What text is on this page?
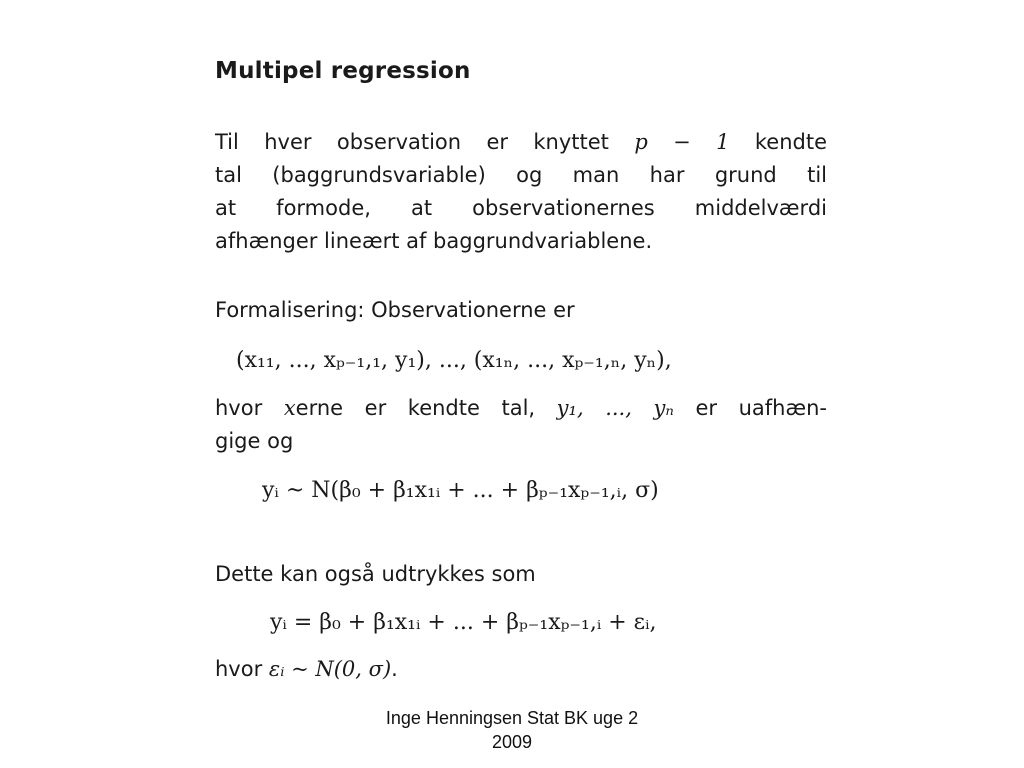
Multipel regression

Til hver observation er knyttet p − 1 kendte
tal (baggrundsvariable) og man har grund til
at formode, at observationernes middelværdi
afhænger lineært af baggrundvariablene.

Formalisering: Observationerne er

(x₁₁, ..., xₚ₋₁,₁, y₁), ..., (x₁ₙ, ..., xₚ₋₁,ₙ, yₙ),

hvor xerne er kendte tal, y₁, ..., yₙ er uafhæn-
gige og

yᵢ ~ N(β₀ + β₁x₁ᵢ + ... + βₚ₋₁xₚ₋₁,ᵢ, σ)

Dette kan også udtrykkes som

yᵢ = β₀ + β₁x₁ᵢ + ... + βₚ₋₁xₚ₋₁,ᵢ + εᵢ,

hvor εᵢ ~ N(0, σ).

Inge Henningsen Stat BK uge 2
2009
